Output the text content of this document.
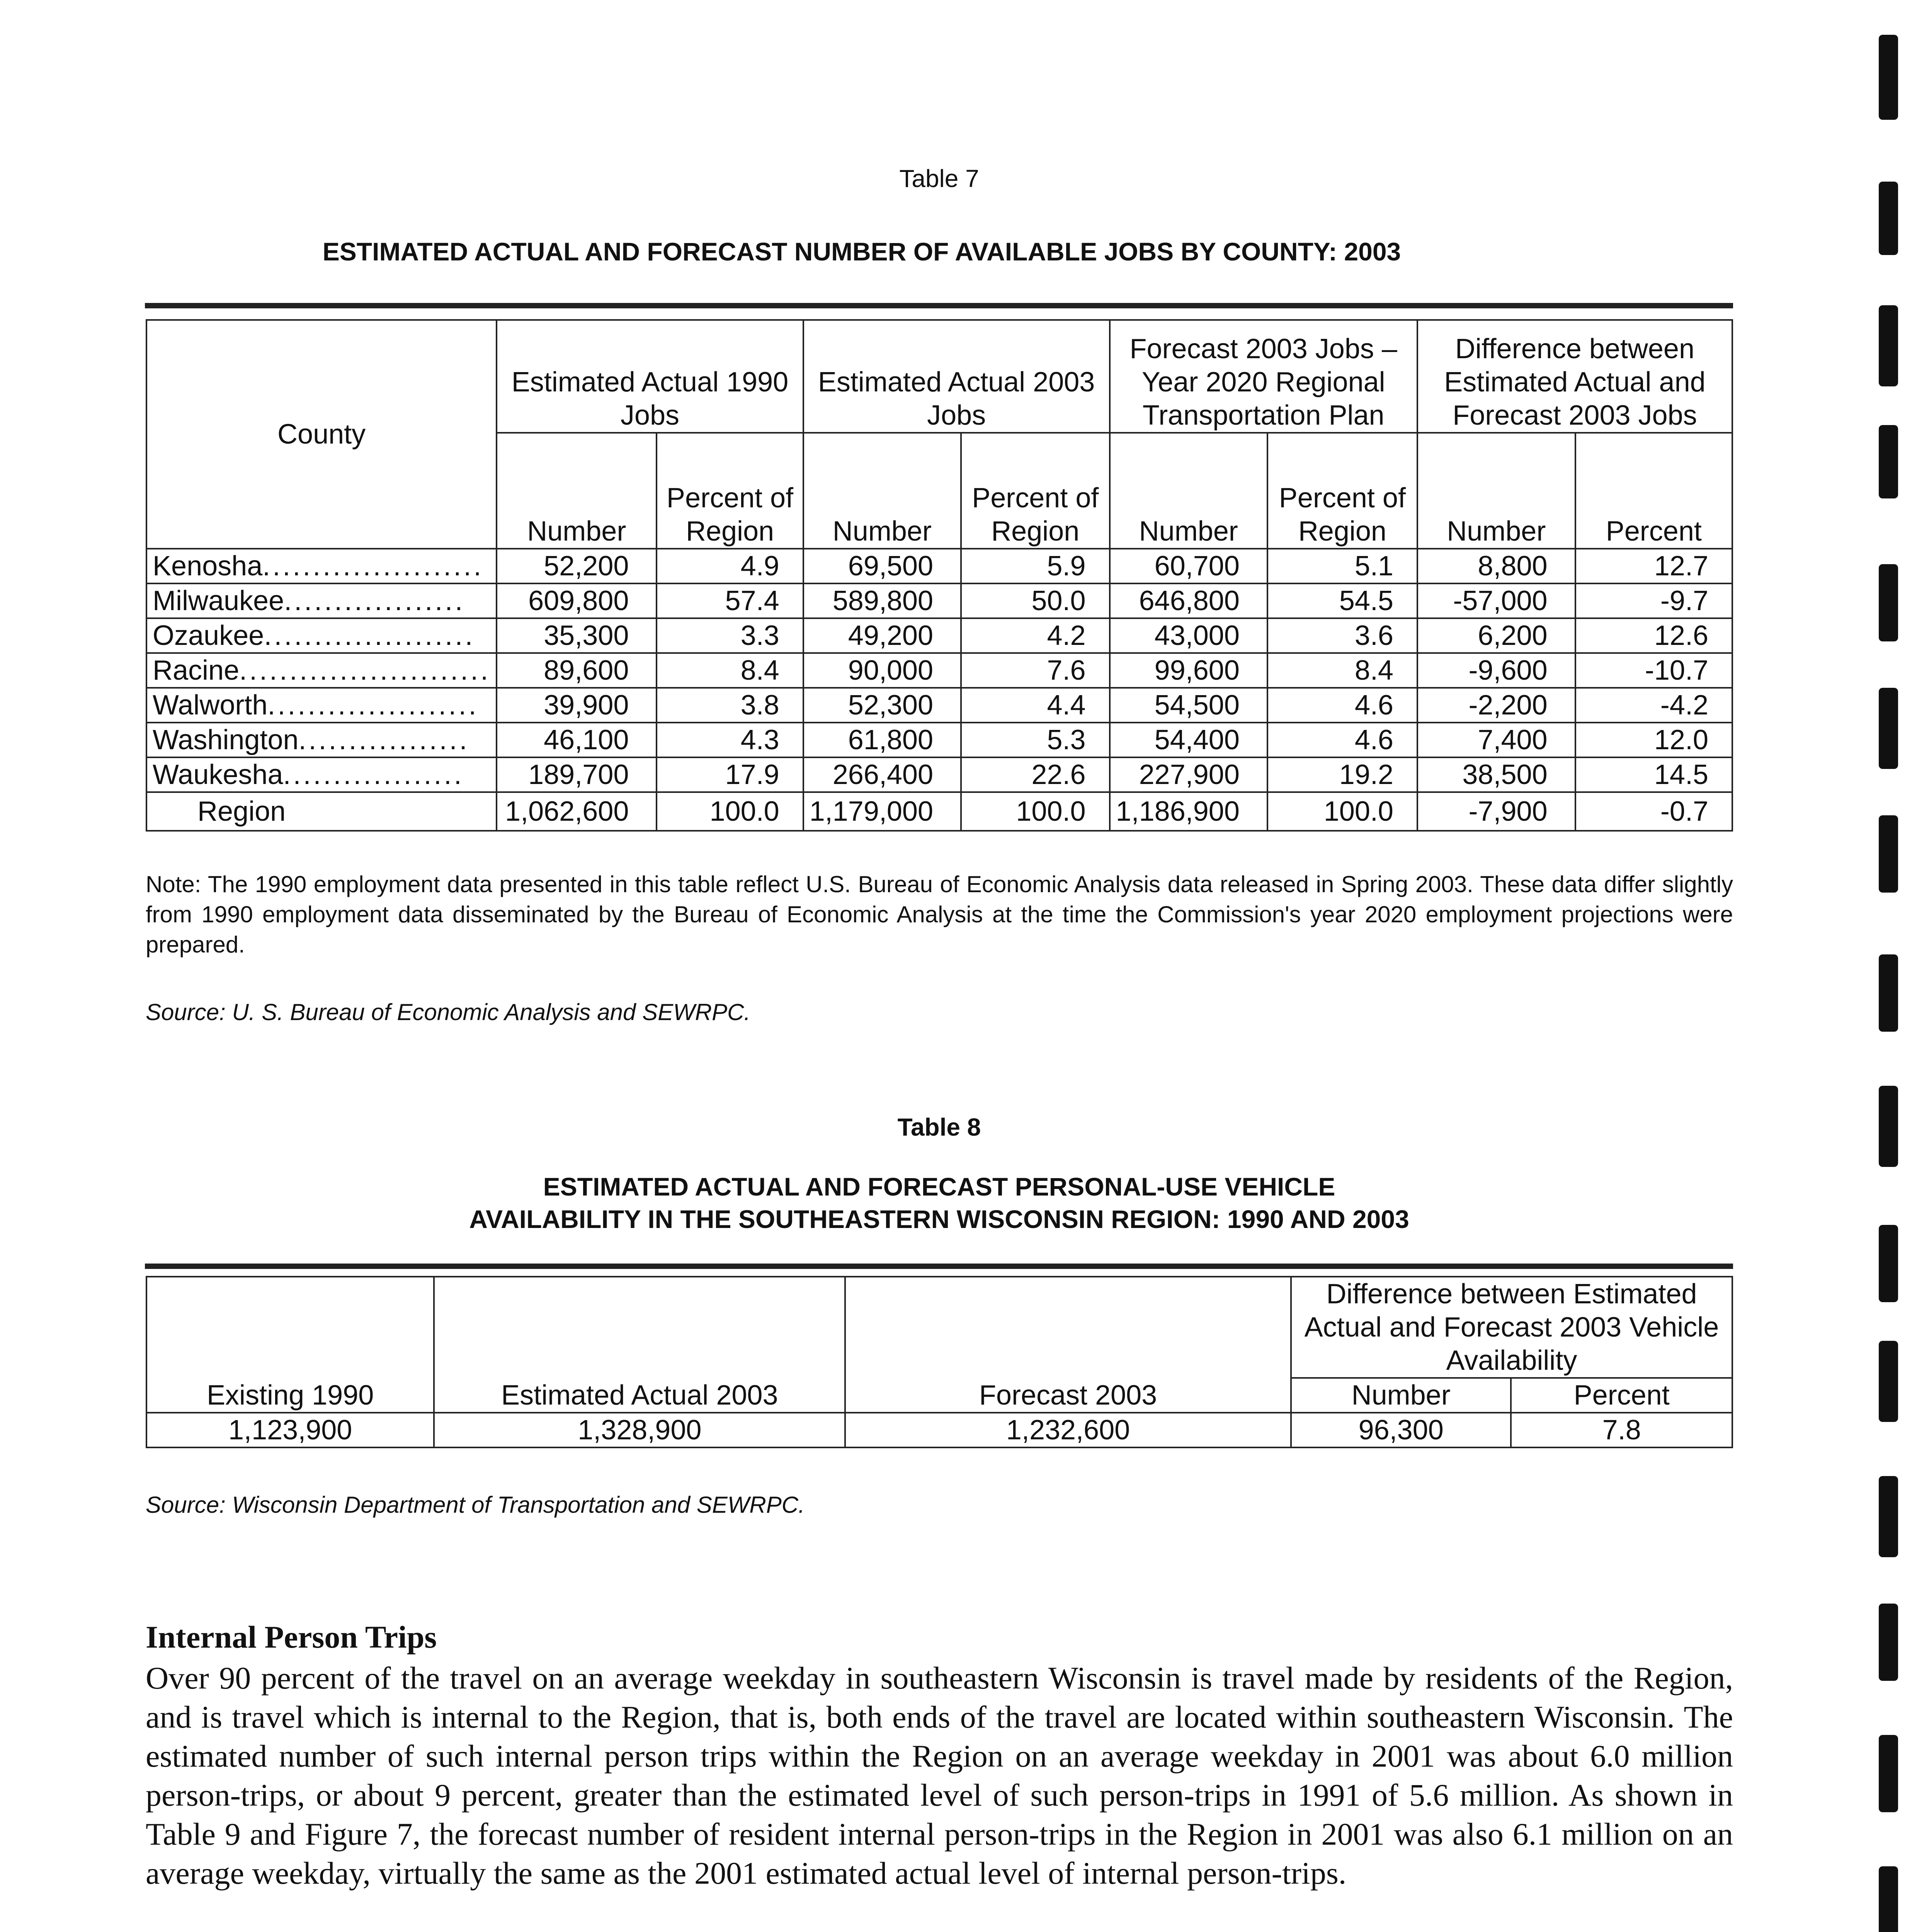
Table 7
ESTIMATED ACTUAL AND FORECAST NUMBER OF AVAILABLE JOBS BY COUNTY: 2003
County	Estimated Actual 1990 Jobs		Estimated Actual 2003 Jobs		Forecast 2003 Jobs – Year 2020 Regional Transportation Plan		Difference between Estimated Actual and Forecast 2003 Jobs	
	Number	Percent of Region	Number	Percent of Region	Number	Percent of Region	Number	Percent
Kenosha......................	52,200	4.9	69,500	5.9	60,700	5.1	8,800	12.7
Milwaukee..................	609,800	57.4	589,800	50.0	646,800	54.5	-57,000	-9.7
Ozaukee.....................	35,300	3.3	49,200	4.2	43,000	3.6	6,200	12.6
Racine.........................	89,600	8.4	90,000	7.6	99,600	8.4	-9,600	-10.7
Walworth.....................	39,900	3.8	52,300	4.4	54,500	4.6	-2,200	-4.2
Washington.................	46,100	4.3	61,800	5.3	54,400	4.6	7,400	12.0
Waukesha..................	189,700	17.9	266,400	22.6	227,900	19.2	38,500	14.5
Region	1,062,600	100.0	1,179,000	100.0	1,186,900	100.0	-7,900	-0.7
Note: The 1990 employment data presented in this table reflect U.S. Bureau of Economic Analysis data released in Spring 2003. These data differ slightly from 1990 employment data disseminated by the Bureau of Economic Analysis at the time the Commission's year 2020 employment projections were prepared.
Source: U. S. Bureau of Economic Analysis and SEWRPC.
Table 8
ESTIMATED ACTUAL AND FORECAST PERSONAL-USE VEHICLE
AVAILABILITY IN THE SOUTHEASTERN WISCONSIN REGION: 1990 AND 2003
Existing 1990	Estimated Actual 2003	Forecast 2003	Difference between Estimated Actual and Forecast 2003 Vehicle Availability	
			Number	Percent
1,123,900	1,328,900	1,232,600	96,300	7.8
Source: Wisconsin Department of Transportation and SEWRPC.
Internal Person Trips
Over 90 percent of the travel on an average weekday in southeastern Wisconsin is travel made by residents of the Region, and is travel which is internal to the Region, that is, both ends of the travel are located within southeastern Wisconsin. The estimated number of such internal person trips within the Region on an average weekday in 2001 was about 6.0 million person-trips, or about 9 percent, greater than the estimated level of such person-trips in 1991 of 5.6 million. As shown in Table 9 and Figure 7, the forecast number of resident internal person-trips in the Region in 2001 was also 6.1 million on an average weekday, virtually the same as the 2001 estimated actual level of internal person-trips.
